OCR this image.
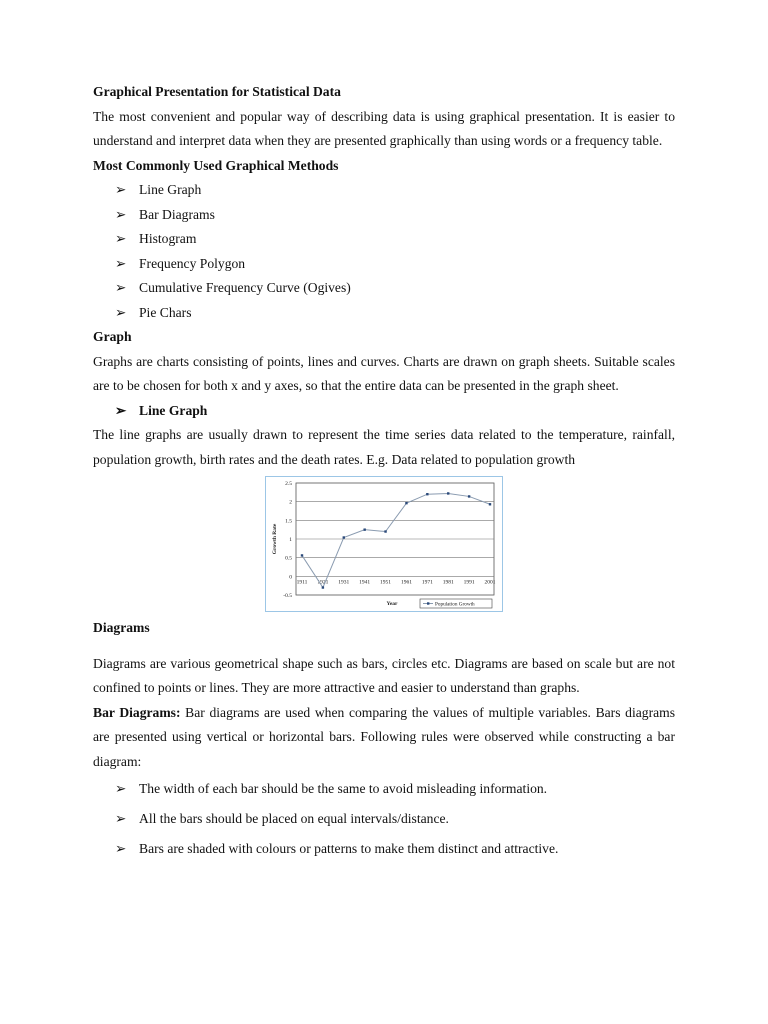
Graphical Presentation for Statistical Data

The most convenient and popular way of describing data is using graphical presentation. It is easier to understand and interpret data when they are presented graphically than using words or a frequency table.

Most Commonly Used Graphical Methods

➢ Line Graph
➢ Bar Diagrams
➢ Histogram
➢ Frequency Polygon
➢ Cumulative Frequency Curve (Ogives)
➢ Pie Chars

Graph

Graphs are charts consisting of points, lines and curves. Charts are drawn on graph sheets. Suitable scales are to be chosen for both x and y axes, so that the entire data can be presented in the graph sheet.

➢ Line Graph

The line graphs are usually drawn to represent the time series data related to the temperature, rainfall, population growth, birth rates and the death rates. E.g. Data related to population growth

2.5
2
1.5
1
0.5
0
-0.5
1911 1921 1931 1941 1951 1961 1971 1981 1991 2001
Growth Rate
Year	Population Growth

Diagrams

Diagrams are various geometrical shape such as bars, circles etc. Diagrams are based on scale but are not confined to points or lines. They are more attractive and easier to understand than graphs.

Bar Diagrams: Bar diagrams are used when comparing the values of multiple variables. Bars diagrams are presented using vertical or horizontal bars. Following rules were observed while constructing a bar diagram:

➢ The width of each bar should be the same to avoid misleading information.
➢ All the bars should be placed on equal intervals/distance.
➢ Bars are shaded with colours or patterns to make them distinct and attractive.
